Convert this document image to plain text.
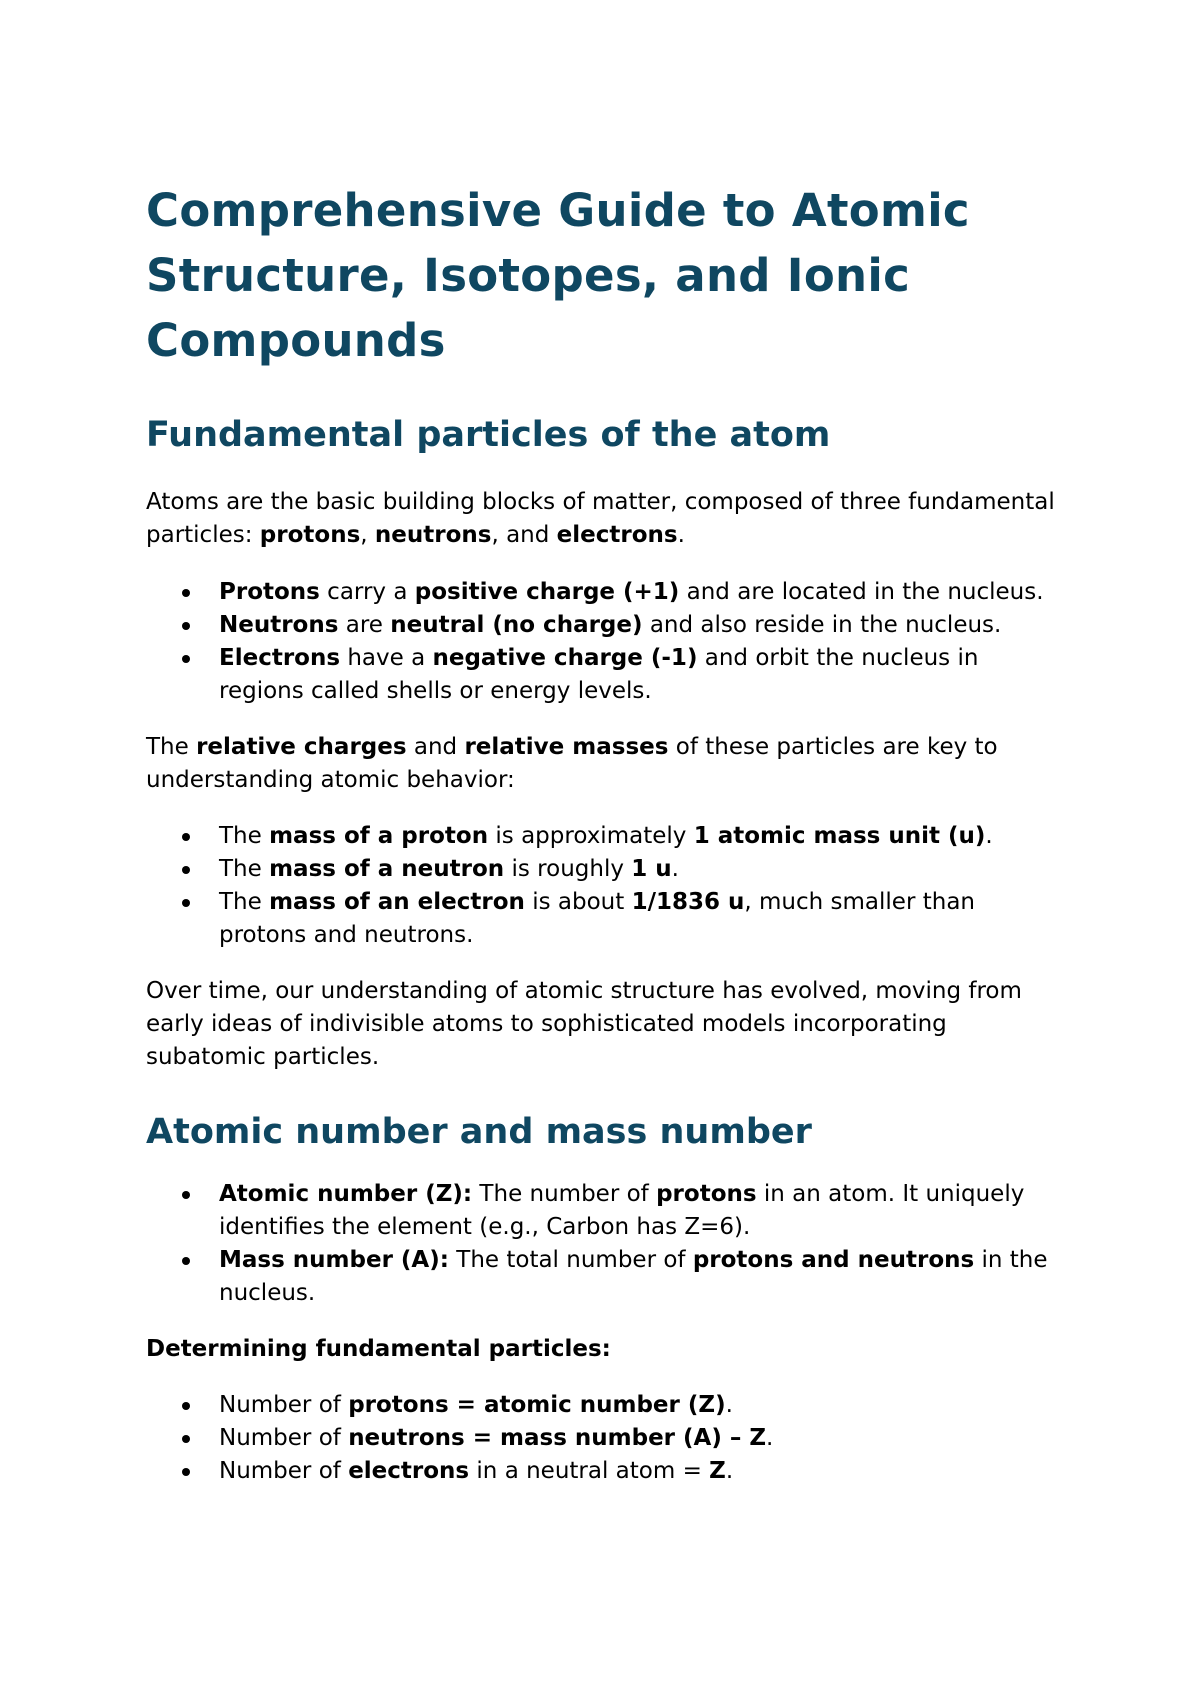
Comprehensive Guide to Atomic Structure, Isotopes, and Ionic Compounds
Fundamental particles of the atom

Atoms are the basic building blocks of matter, composed of three fundamental particles: protons, neutrons, and electrons.

Protons carry a positive charge (+1) and are located in the nucleus.
Neutrons are neutral (no charge) and also reside in the nucleus.
Electrons have a negative charge (-1) and orbit the nucleus in regions called shells or energy levels.

The relative charges and relative masses of these particles are key to understanding atomic behavior:

The mass of a proton is approximately 1 atomic mass unit (u).
The mass of a neutron is roughly 1 u.
The mass of an electron is about 1/1836 u, much smaller than protons and neutrons.

Over time, our understanding of atomic structure has evolved, moving from early ideas of indivisible atoms to sophisticated models incorporating subatomic particles.

Atomic number and mass number
Atomic number (Z): The number of protons in an atom. It uniquely identifies the element (e.g., Carbon has Z=6).
Mass number (A): The total number of protons and neutrons in the nucleus.

Determining fundamental particles:

Number of protons = atomic number (Z).
Number of neutrons = mass number (A) – Z.
Number of electrons in a neutral atom = Z.
